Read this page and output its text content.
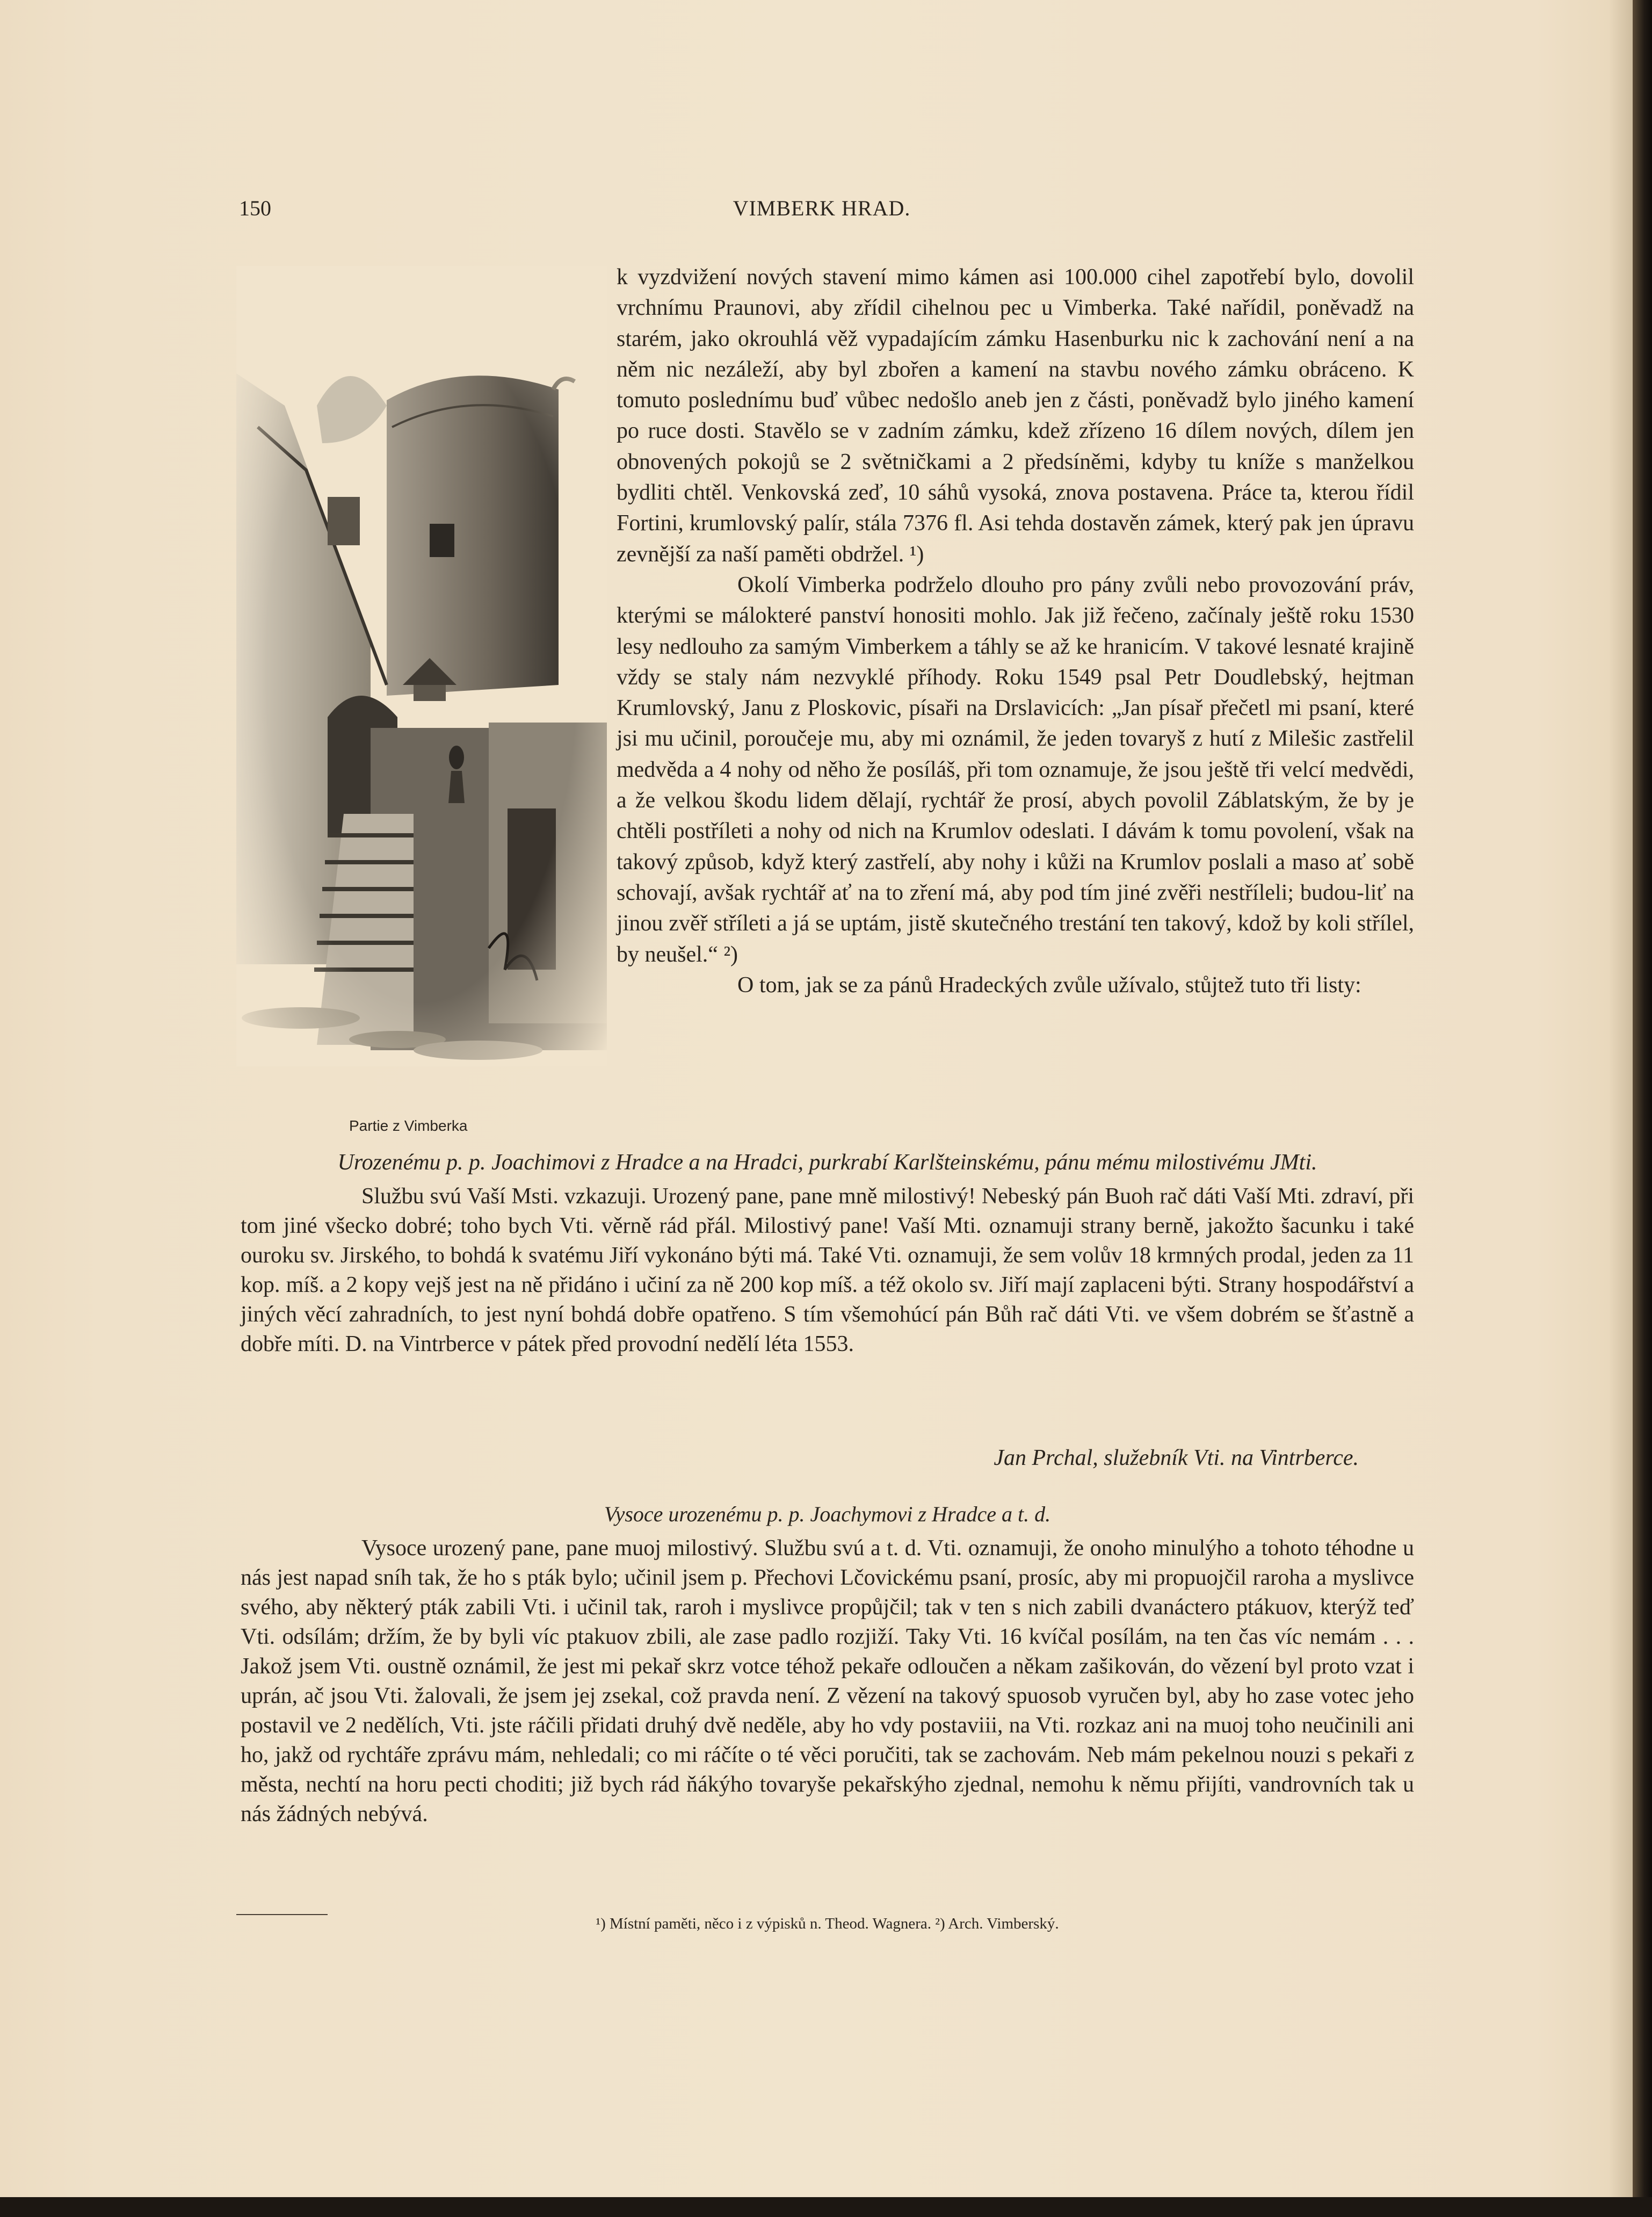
150	VIMBERK HRAD.
Partie z Vimberka

k vyzdvižení nových stavení mimo kámen asi 100.000 cihel zapotřebí bylo, dovolil vrchnímu Praunovi, aby zřídil cihelnou pec u Vimberka. Také nařídil, poněvadž na starém, jako okrouhlá věž vypadajícím zámku Hasenburku nic k zachování není a na něm nic nezáleží, aby byl zbořen a kamení na stavbu nového zámku obráceno. K tomuto poslednímu buď vůbec nedošlo aneb jen z části, poněvadž bylo jiného kamení po ruce dosti. Stavělo se v zadním zámku, kdež zřízeno 16 dílem nových, dílem jen obnovených pokojů se 2 světničkami a 2 předsíněmi, kdyby tu kníže s manželkou bydliti chtěl. Venkovská zeď, 10 sáhů vysoká, znova postavena. Práce ta, kterou řídil Fortini, krumlovský palír, stála 7376 fl. Asi tehda dostavěn zámek, který pak jen úpravu zevnější za naší paměti obdržel. ¹)

Okolí Vimberka podrželo dlouho pro pány zvůli nebo provozování práv, kterými se málokteré panství honositi mohlo. Jak již řečeno, začínaly ještě roku 1530 lesy nedlouho za samým Vimberkem a táhly se až ke hranicím. V takové lesnaté krajině vždy se staly nám nezvyklé příhody. Roku 1549 psal Petr Doudlebský, hejtman Krumlovský, Janu z Ploskovic, písaři na Drslavicích: „Jan písař přečetl mi psaní, které jsi mu učinil, poroučeje mu, aby mi oznámil, že jeden tovaryš z hutí z Milešic zastřelil medvěda a 4 nohy od něho že posíláš, při tom oznamuje, že jsou ještě tři velcí medvědi, a že velkou škodu lidem dělají, rychtář že prosí, abych povolil Záblatským, že by je chtěli postříleti a nohy od nich na Krumlov odeslati. I dávám k tomu povolení, však na takový způsob, když který zastřelí, aby nohy i kůži na Krumlov poslali a maso ať sobě schovají, avšak rychtář ať na to zření má, aby pod tím jiné zvěři nestříleli; budou-liť na jinou zvěř stříleti a já se uptám, jistě skutečného trestání ten takový, kdož by koli střílel, by neušel.“ ²)

O tom, jak se za pánů Hradeckých zvůle užívalo, stůjtež tuto tři listy:

Urozenému p. p. Joachimovi z Hradce a na Hradci, purkrabí Karlšteinskému, pánu mému milostivému JMti.

Službu svú Vaší Msti. vzkazuji. Urozený pane, pane mně milostivý! Nebeský pán Buoh rač dáti Vaší Mti. zdraví, při tom jiné všecko dobré; toho bych Vti. věrně rád přál. Milostivý pane! Vaší Mti. oznamuji strany berně, jakožto šacunku i také ouroku sv. Jirského, to bohdá k svatému Jiří vykonáno býti má. Také Vti. oznamuji, že sem volův 18 krmných prodal, jeden za 11 kop. míš. a 2 kopy vejš jest na ně přidáno i učiní za ně 200 kop míš. a též okolo sv. Jiří mají zaplaceni býti. Strany hospodářství a jiných věcí zahradních, to jest nyní bohdá dobře opatřeno. S tím všemohúcí pán Bůh rač dáti Vti. ve všem dobrém se šťastně a dobře míti. D. na Vintrberce v pátek před provodní nedělí léta 1553.

Jan Prchal, služebník Vti. na Vintrberce.
Vysoce urozenému p. p. Joachymovi z Hradce a t. d.

Vysoce urozený pane, pane muoj milostivý. Službu svú a t. d. Vti. oznamuji, že onoho minulýho a tohoto téhodne u nás jest napad sníh tak, že ho s pták bylo; učinil jsem p. Přechovi Lčovickému psaní, prosíc, aby mi propuojčil raroha a myslivce svého, aby některý pták zabili Vti. i učinil tak, raroh i myslivce propůjčil; tak v ten s nich zabili dvanáctero ptákuov, kterýž teď Vti. odsílám; držím, že by byli víc ptakuov zbili, ale zase padlo rozjiží. Taky Vti. 16 kvíčal posílám, na ten čas víc nemám . . . Jakož jsem Vti. oustně oznámil, že jest mi pekař skrz votce téhož pekaře odloučen a někam zašikován, do vězení byl proto vzat i uprán, ač jsou Vti. žalovali, že jsem jej zsekal, což pravda není. Z vězení na takový spuosob vyručen byl, aby ho zase votec jeho postavil ve 2 nedělích, Vti. jste ráčili přidati druhý dvě neděle, aby ho vdy postaviii, na Vti. rozkaz ani na muoj toho neučinili ani ho, jakž od rychtáře zprávu mám, nehledali; co mi ráčíte o té věci poručiti, tak se zachovám. Neb mám pekelnou nouzi s pekaři z města, nechtí na horu pecti choditi; již bych rád ňákýho tovaryše pekařskýho zjednal, nemohu k němu přijíti, vandrovních tak u nás žádných nebývá.

¹) Místní paměti, něco i z výpisků n. Theod. Wagnera. ²) Arch. Vimberský.
